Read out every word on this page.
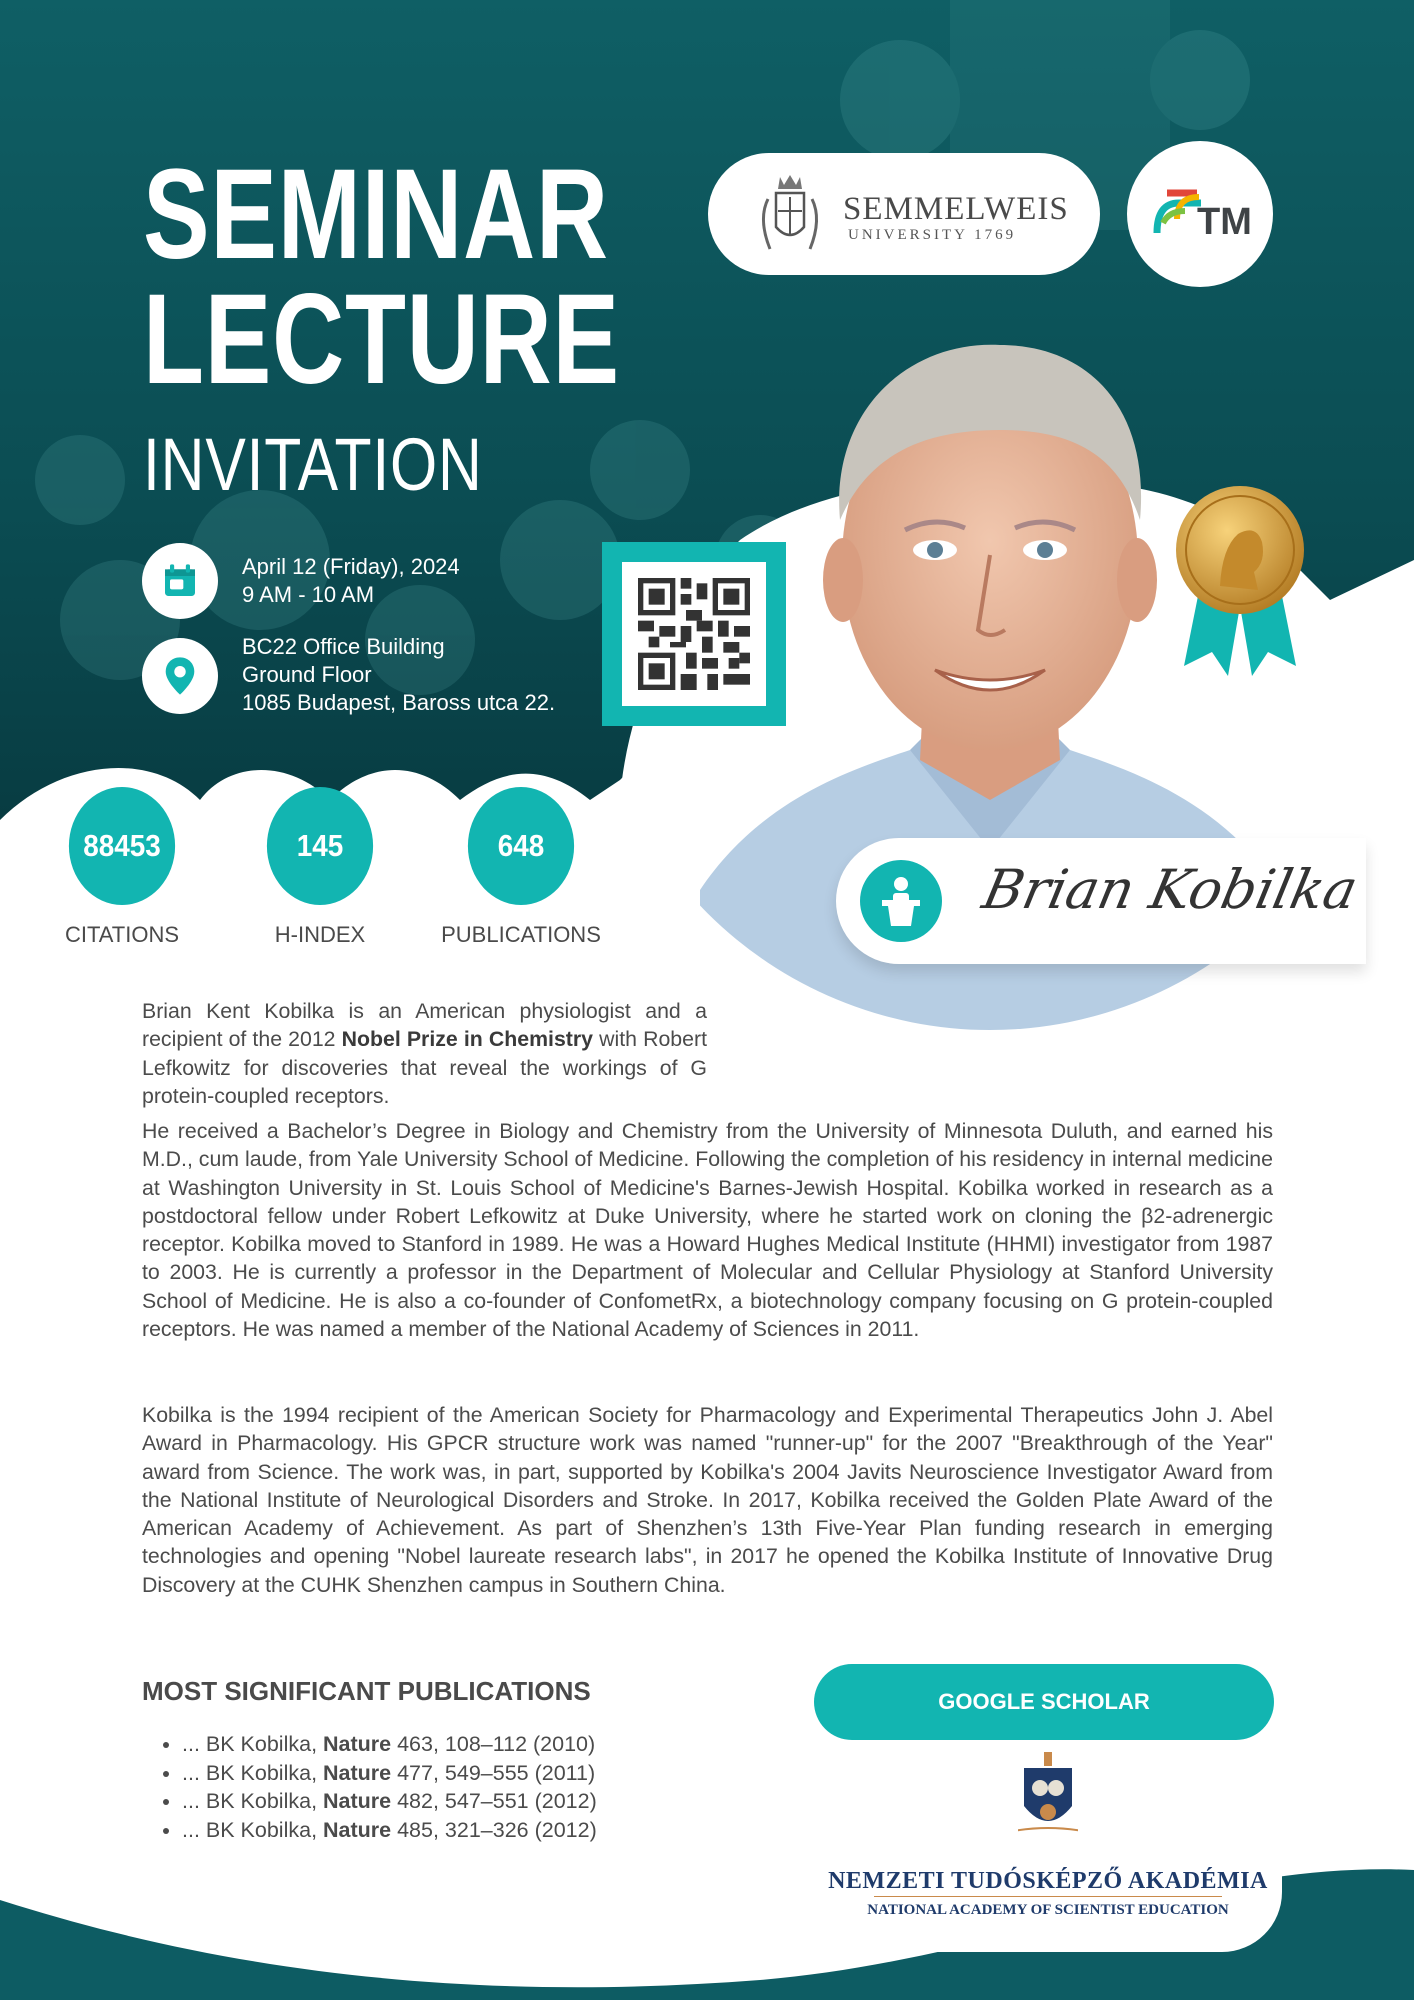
SEMINAR
LECTURE
INVITATION
April 12 (Friday), 2024
9 AM - 10 AM
BC22 Office Building
Ground Floor
1085 Budapest, Baross utca 22.
SEMMELWEIS
UNIVERSITY 1769	TM
88453
CITATIONS
145
H-INDEX
648
PUBLICATIONS
Brian Kobilka
Brian Kent Kobilka is an American physiologist and a recipient of the 2012 Nobel Prize in Chemistry with Robert Lefkowitz for discoveries that reveal the workings of G protein-coupled receptors.
He received a Bachelor’s Degree in Biology and Chemistry from the University of Minnesota Duluth, and earned his M.D., cum laude, from Yale University School of Medicine. Following the completion of his residency in internal medicine at Washington University in St. Louis School of Medicine's Barnes-Jewish Hospital. Kobilka worked in research as a postdoctoral fellow under Robert Lefkowitz at Duke University, where he started work on cloning the β2-adrenergic receptor. Kobilka moved to Stanford in 1989. He was a Howard Hughes Medical Institute (HHMI) investigator from 1987 to 2003. He is currently a professor in the Department of Molecular and Cellular Physiology at Stanford University School of Medicine. He is also a co-founder of ConfometRx, a biotechnology company focusing on G protein-coupled receptors. He was named a member of the National Academy of Sciences in 2011.
Kobilka is the 1994 recipient of the American Society for Pharmacology and Experimental Therapeutics John J. Abel Award in Pharmacology. His GPCR structure work was named "runner-up" for the 2007 "Breakthrough of the Year" award from Science. The work was, in part, supported by Kobilka's 2004 Javits Neuroscience Investigator Award from the National Institute of Neurological Disorders and Stroke. In 2017, Kobilka received the Golden Plate Award of the American Academy of Achievement. As part of Shenzhen’s 13th Five-Year Plan funding research in emerging technologies and opening "Nobel laureate research labs", in 2017 he opened the Kobilka Institute of Innovative Drug Discovery at the CUHK Shenzhen campus in Southern China.
MOST SIGNIFICANT PUBLICATIONS
• ... BK Kobilka, Nature 463, 108–112 (2010)
• ... BK Kobilka, Nature 477, 549–555 (2011)
• ... BK Kobilka, Nature 482, 547–551 (2012)
• ... BK Kobilka, Nature 485, 321–326 (2012)
GOOGLE SCHOLAR
NEMZETI TUDÓSKÉPZŐ AKADÉMIA
NATIONAL ACADEMY OF SCIENTIST EDUCATION
